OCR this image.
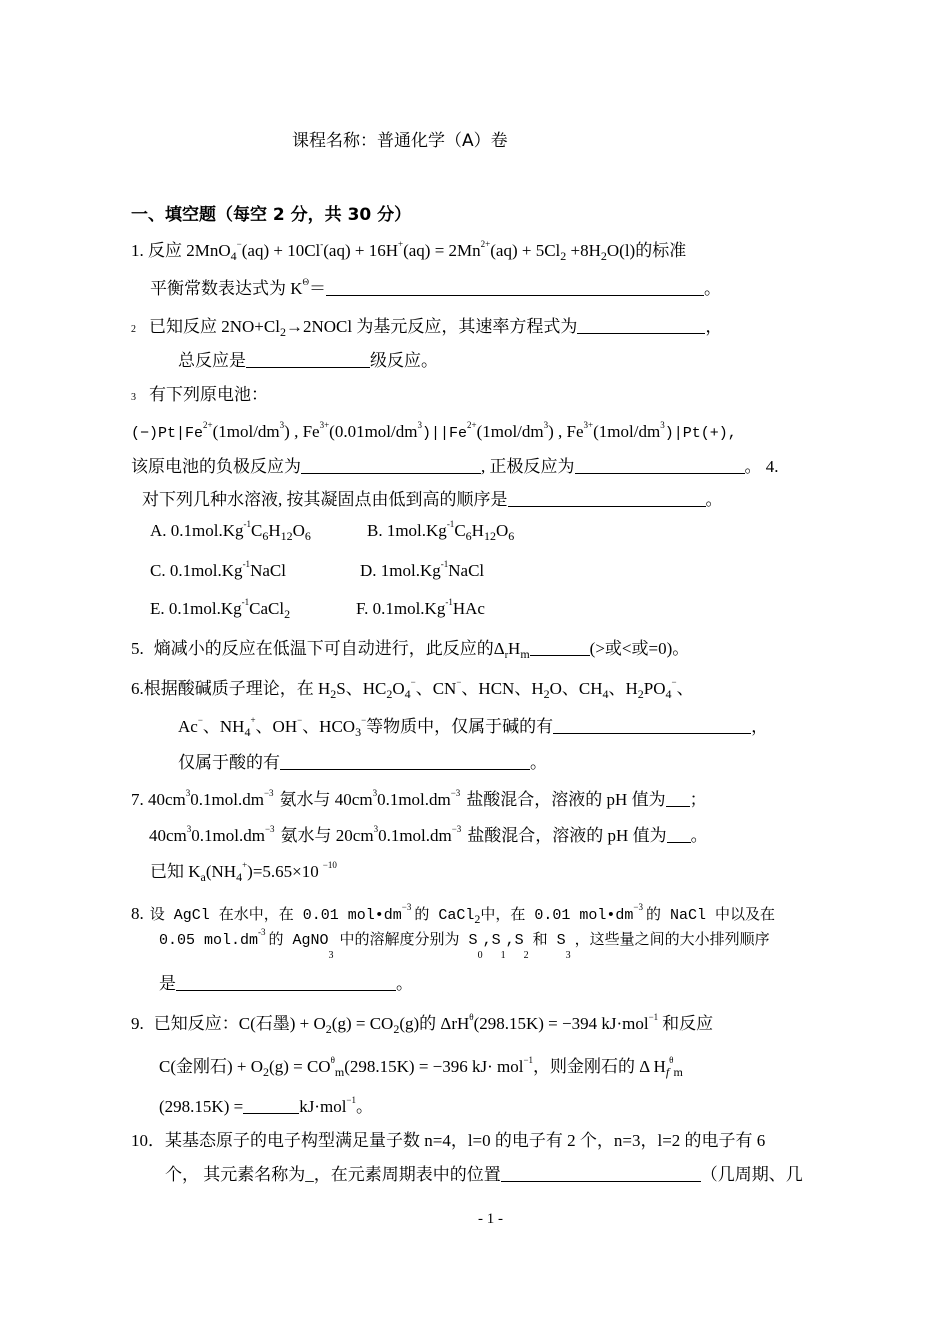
课程名称：普通化学（A）卷
一、填空题（每空 2 分，共 30 分）
1. 反应 $2MnO_4^-(aq) + 10Cl^-(aq) + 16H^+(aq) = 2Mn^{2+}(aq) + 5Cl_2 +8H_2O(l)$的标准
平衡常数表达式为 $K^\Theta=$	。
2 已知反应 $2NO+Cl_2\to 2NOCl$ 为基元反应，其速率方程式为	，
总反应是	级反应。
3 有下列原电池：
$(-)Pt|Fe^{2+}(1mol/dm^3)$ , $Fe^{3+}(0.01mol/dm^3)||Fe^{2+}(1mol/dm^3)$ , $Fe^{3+}(1mol/dm^3)|Pt(+)$,
该原电池的负极反应为	, 正极反应为	。 4.
对下列几种水溶液, 按其凝固点由低到高的顺序是	。
A. $0.1mol.Kg^{-1}C_6H_{12}O_6$	B. $1mol.Kg^{-1}C_6H_{12}O_6$
C. $0.1mol.Kg^{-1}NaCl$	D. $1mol.Kg^{-1}NaCl$
E. $0.1mol.Kg^{-1}CaCl_2$	F. $0.1mol.Kg^{-1}HAc$
5. 熵减小的反应在低温下可自动进行，此反应的$\Delta_rH_m$	(>或<或=0)。
6.根据酸碱质子理论，在 $H_2S$、$HC_2O_4^-$、CN−、HCN、$H_2O$、$CH_4$、$H_2PO_4^-$、
Ac−、$NH_4^+$、OH−、$HCO_3^-$等物质中，仅属于碱的有	，
仅属于酸的有	。
7. $40cm^30.1mol.dm^{-3}$ 氨水与 $40cm^30.1mol.dm^{-3}$ 盐酸混合，溶液的 pH 值为 ；
$40cm^30.1mol.dm^{-3}$ 氨水与 $20cm^30.1mol.dm^{-3}$ 盐酸混合，溶液的 pH 值为 。
已知 $K_a(NH_4^+)=5.65\times 10$ $^{-10}$
8. 设 AgCl 在水中，在 0.01 $mol•dm^{-3}$ 的 CaCl$_2$中，在 0.01 $mol•dm^{-3}$ 的 NaCl 中以及在
0.05 $mol.dm^{-3}$ 的 AgNO$_3$中的溶解度分别为 $S_0,S_1,S_2$和 $S_3$，这些量之间的大小排列顺序
是	。
9. 已知反应：C(石墨) + $O_2(g) = CO_2(g)$的 ΔrH$^\theta$(298.15K) = −394 kJ·mol$^{-1}$ 和反应
C(金刚石) + $O_2(g) = CO^\theta_m(298.15K) = -396$ kJ· mol$^{-1}$，则金刚石的 Δ $H_f^\theta_m$
(298.15K) =	kJ·mol$^{-1}$。
10．某基态原子的电子构型满足量子数 n=4，l=0 的电子有 2 个，n=3，l=2 的电子有 6
个， 其元素名称为_，在元素周期表中的位置	（几周期、几
- 1 -
